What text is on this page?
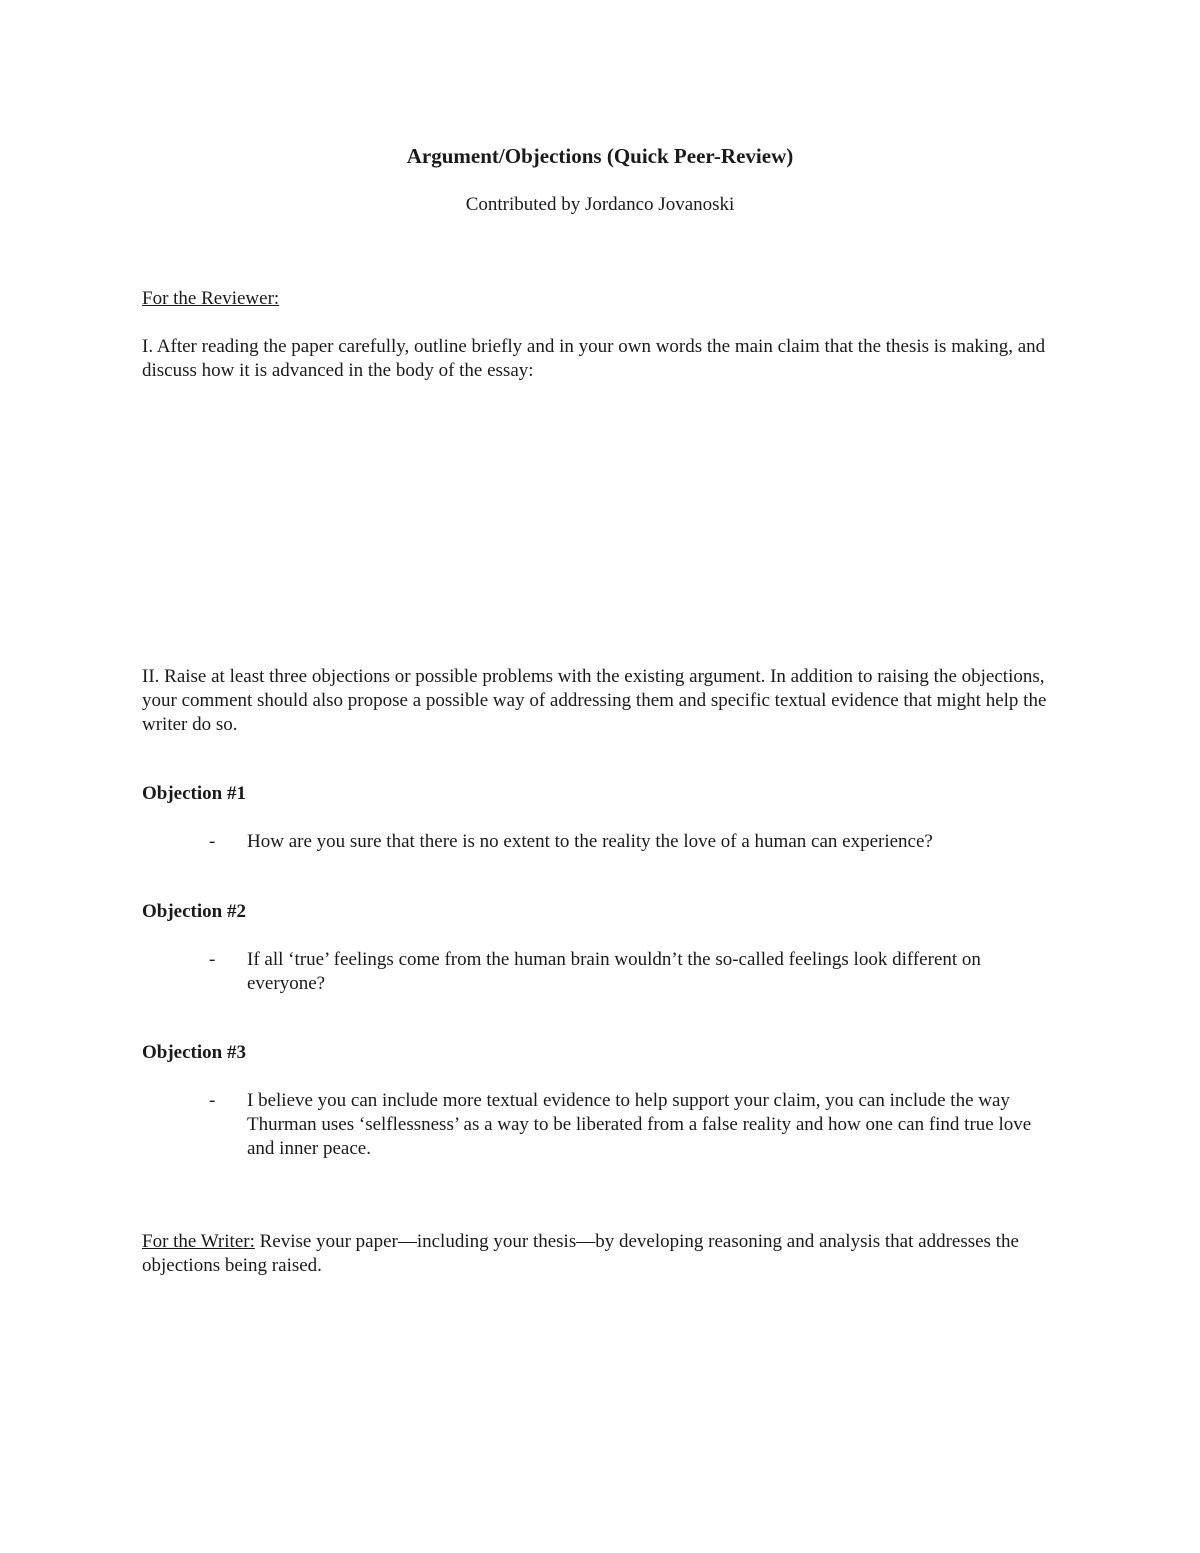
Argument/Objections (Quick Peer-Review)
Contributed by Jordanco Jovanoski
For the Reviewer:
I. After reading the paper carefully, outline briefly and in your own words the main claim that the thesis is making, and discuss how it is advanced in the body of the essay:
II. Raise at least three objections or possible problems with the existing argument. In addition to raising the objections, your comment should also propose a possible way of addressing them and specific textual evidence that might help the writer do so.
Objection #1
-	How are you sure that there is no extent to the reality the love of a human can experience?
Objection #2
-	If all ‘true’ feelings come from the human brain wouldn’t the so-called feelings look different on everyone?
Objection #3
-	I believe you can include more textual evidence to help support your claim, you can include the way Thurman uses ‘selflessness’ as a way to be liberated from a false reality and how one can find true love and inner peace.
For the Writer: Revise your paper—including your thesis—by developing reasoning and analysis that addresses the objections being raised.
